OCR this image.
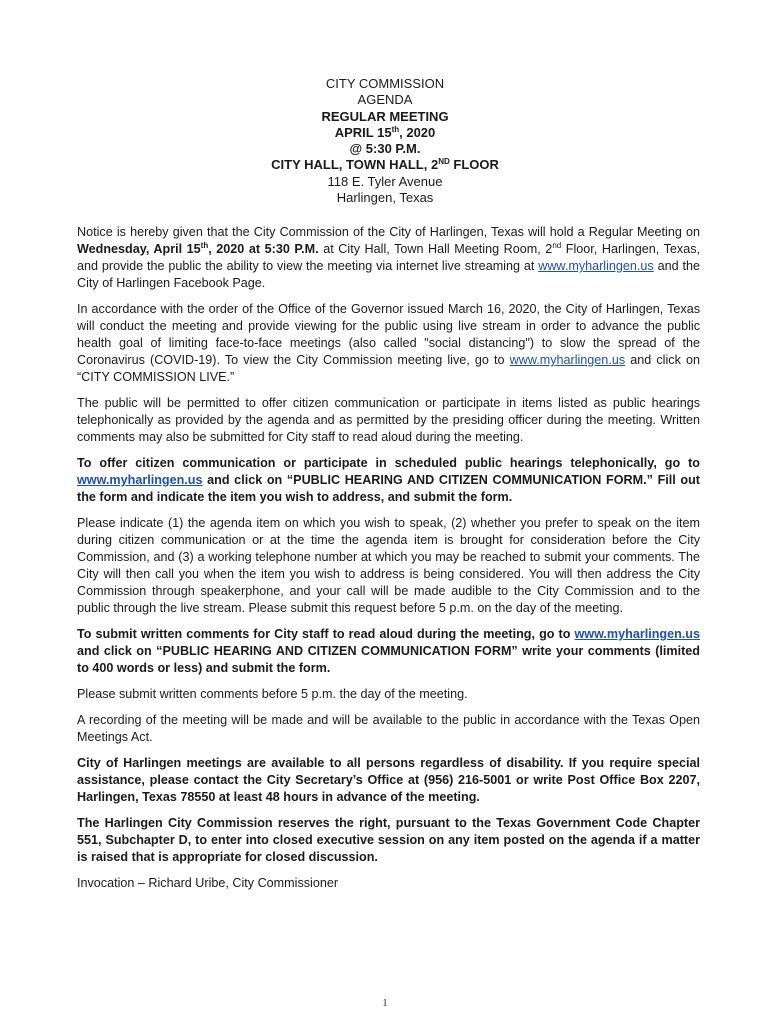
CITY COMMISSION
AGENDA
REGULAR MEETING
APRIL 15th, 2020
@ 5:30 P.M.
CITY HALL, TOWN HALL, 2ND FLOOR
118 E. Tyler Avenue
Harlingen, Texas

Notice is hereby given that the City Commission of the City of Harlingen, Texas will hold a Regular Meeting on Wednesday, April 15th, 2020 at 5:30 P.M. at City Hall, Town Hall Meeting Room, 2nd Floor, Harlingen, Texas, and provide the public the ability to view the meeting via internet live streaming at www.myharlingen.us and the City of Harlingen Facebook Page.

In accordance with the order of the Office of the Governor issued March 16, 2020, the City of Harlingen, Texas will conduct the meeting and provide viewing for the public using live stream in order to advance the public health goal of limiting face-to-face meetings (also called "social distancing") to slow the spread of the Coronavirus (COVID-19). To view the City Commission meeting live, go to www.myharlingen.us and click on “CITY COMMISSION LIVE.”

The public will be permitted to offer citizen communication or participate in items listed as public hearings telephonically as provided by the agenda and as permitted by the presiding officer during the meeting. Written comments may also be submitted for City staff to read aloud during the meeting.

To offer citizen communication or participate in scheduled public hearings telephonically, go to www.myharlingen.us and click on “PUBLIC HEARING AND CITIZEN COMMUNICATION FORM.” Fill out the form and indicate the item you wish to address, and submit the form.

Please indicate (1) the agenda item on which you wish to speak, (2) whether you prefer to speak on the item during citizen communication or at the time the agenda item is brought for consideration before the City Commission, and (3) a working telephone number at which you may be reached to submit your comments. The City will then call you when the item you wish to address is being considered. You will then address the City Commission through speakerphone, and your call will be made audible to the City Commission and to the public through the live stream. Please submit this request before 5 p.m. on the day of the meeting.

To submit written comments for City staff to read aloud during the meeting, go to www.myharlingen.us and click on “PUBLIC HEARING AND CITIZEN COMMUNICATION FORM” write your comments (limited to 400 words or less) and submit the form.

Please submit written comments before 5 p.m. the day of the meeting.

A recording of the meeting will be made and will be available to the public in accordance with the Texas Open Meetings Act.

City of Harlingen meetings are available to all persons regardless of disability. If you require special assistance, please contact the City Secretary’s Office at (956) 216-5001 or write Post Office Box 2207, Harlingen, Texas 78550 at least 48 hours in advance of the meeting.

The Harlingen City Commission reserves the right, pursuant to the Texas Government Code Chapter 551, Subchapter D, to enter into closed executive session on any item posted on the agenda if a matter is raised that is appropriate for closed discussion.

Invocation – Richard Uribe, City Commissioner

1
